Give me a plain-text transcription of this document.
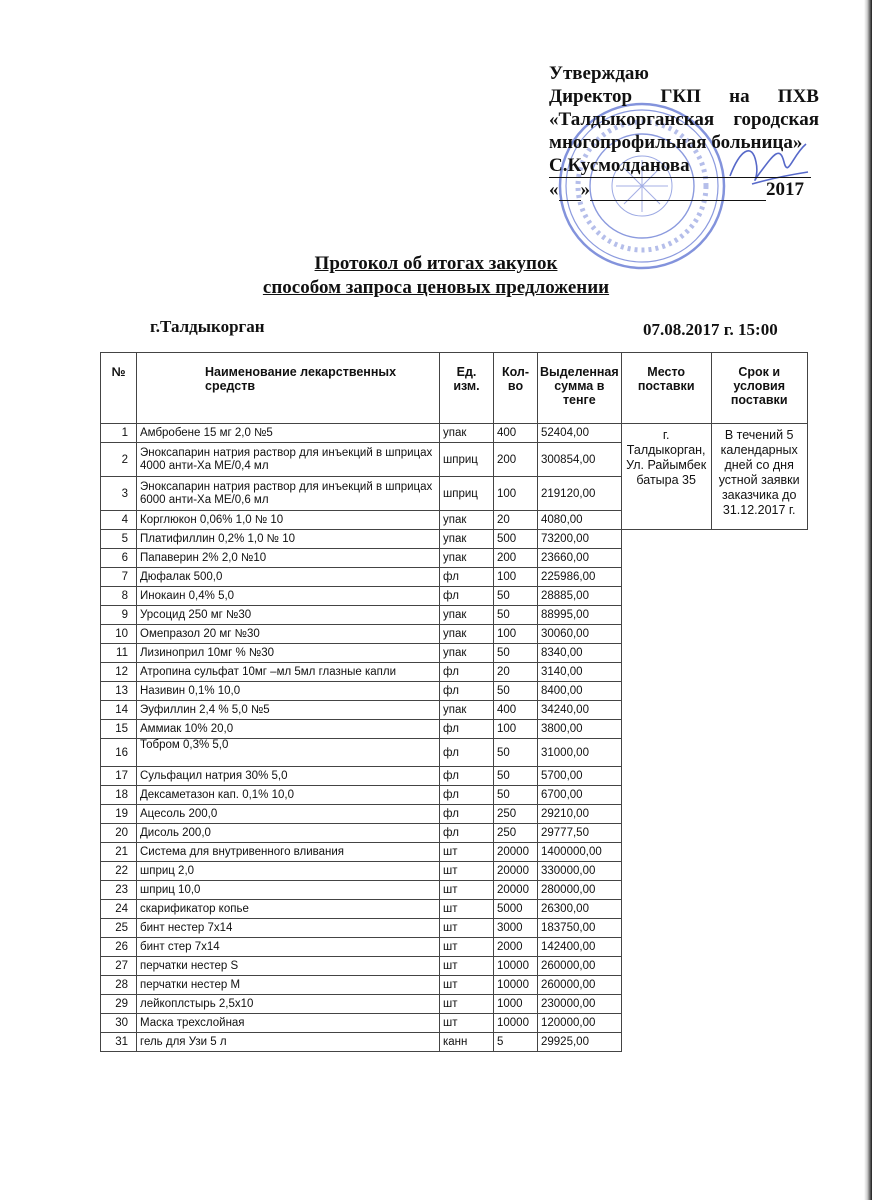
Утверждаю
Директор ГКП на ПХВ
«Талдыкорганская городская
многопрофильная больница»
С.Кусмолданова
« »	2017
Протокол об итогах закупок
способом запроса ценовых предложении
г.Талдыкорган	07.08.2017 г. 15:00
№	Наименование лекарственных средств	Ед. изм.	Кол-во	Выделенная сумма в тенге	Место поставки	Срок и условия поставки
1	Амбробене 15 мг 2,0 №5	упак	400	52404,00	г. Талдыкорган, Ул. Райымбек батыра 35	В течений 5 календарных дней со дня устной заявки заказчика до 31.12.2017 г.
2	Эноксапарин натрия раствор для инъекций в шприцах 4000 анти-Ха МЕ/0,4 мл	шприц	200	300854,00		
3	Эноксапарин натрия раствор для инъекций в шприцах 6000 анти-Ха МЕ/0,6 мл	шприц	100	219120,00		
4	Корглюкон 0,06% 1,0 № 10	упак	20	4080,00		
5	Платифиллин 0,2% 1,0 № 10	упак	500	73200,00		
6	Папаверин 2% 2,0 №10	упак	200	23660,00		
7	Дюфалак 500,0	фл	100	225986,00		
8	Инокаин 0,4% 5,0	фл	50	28885,00		
9	Урсоцид 250 мг №30	упак	50	88995,00		
10	Омепразол 20 мг №30	упак	100	30060,00		
11	Лизиноприл 10мг % №30	упак	50	8340,00		
12	Атропина сульфат 10мг –мл 5мл глазные капли	фл	20	3140,00		
13	Називин 0,1% 10,0	фл	50	8400,00		
14	Эуфиллин 2,4 % 5,0 №5	упак	400	34240,00		
15	Аммиак 10% 20,0	фл	100	3800,00		
16	Тобром 0,3% 5,0	фл	50	31000,00		
17	Сульфацил натрия 30% 5,0	фл	50	5700,00		
18	Дексаметазон кап. 0,1% 10,0	фл	50	6700,00		
19	Ацесоль 200,0	фл	250	29210,00		
20	Дисоль 200,0	фл	250	29777,50		
21	Система для внутривенного вливания	шт	20000	1400000,00		
22	шприц 2,0	шт	20000	330000,00		
23	шприц 10,0	шт	20000	280000,00		
24	скарификатор копье	шт	5000	26300,00		
25	бинт нестер 7х14	шт	3000	183750,00		
26	бинт стер 7х14	шт	2000	142400,00		
27	перчатки нестер S	шт	10000	260000,00		
28	перчатки нестер M	шт	10000	260000,00		
29	лейкоплстырь 2,5х10	шт	1000	230000,00		
30	Маска трехслойная	шт	10000	120000,00		
31	гель для Узи 5 л	канн	5	29925,00		
